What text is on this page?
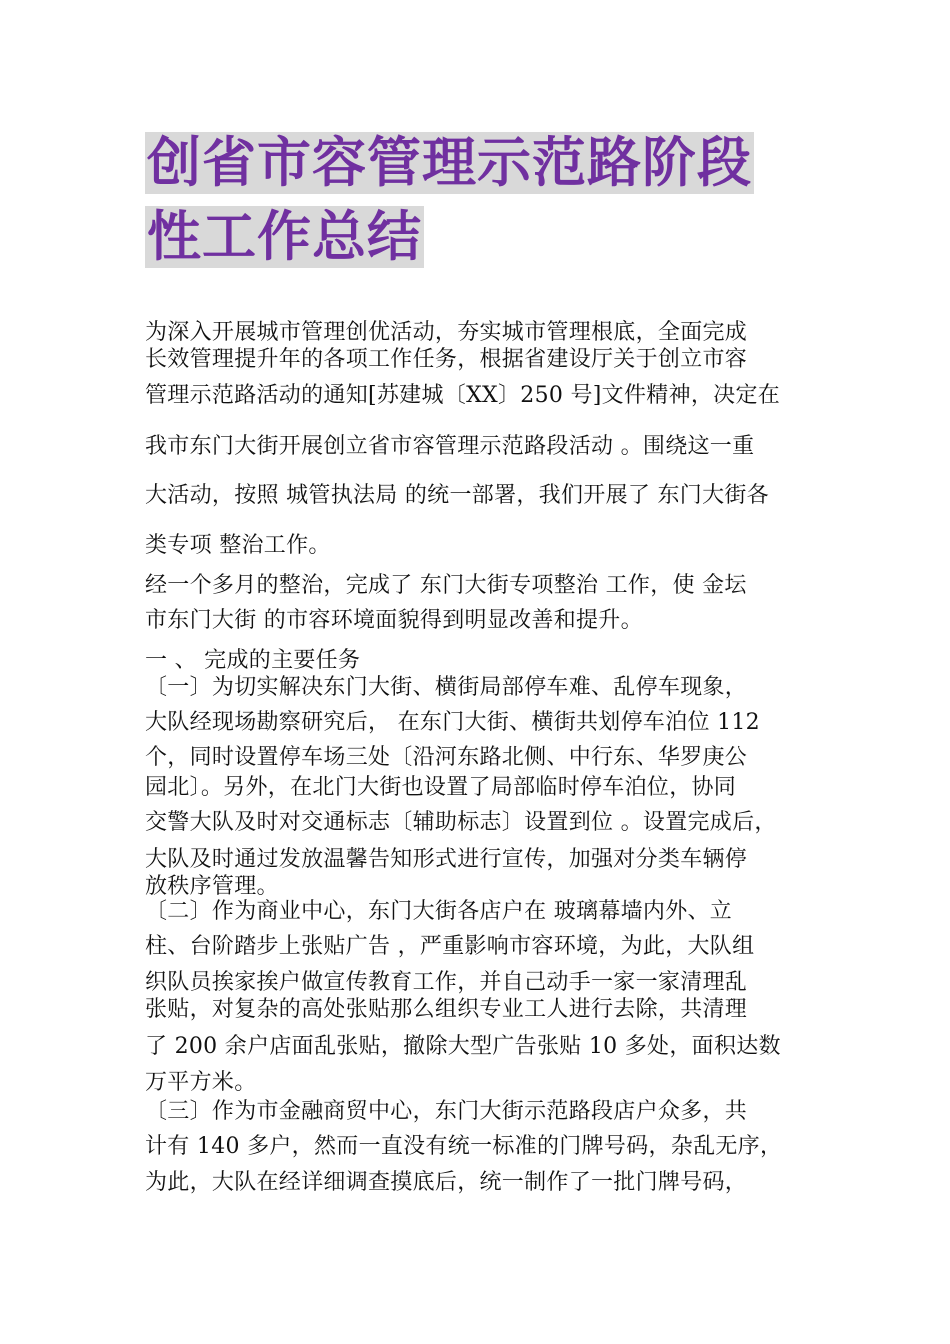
创省市容管理示范路阶段
性工作总结
为深入开展城市管理创优活动，夯实城市管理根底，全面完成
长效管理提升年的各项工作任务，根据省建设厅关于创立市容
管理示范路活动的通知[苏建城〔XX〕250 号]文件精神，决定在
我市东门大街开展创立省市容管理示范路段活动 。围绕这一重
大活动，按照 城管执法局 的统一部署，我们开展了 东门大街各
类专项 整治工作。
经一个多月的整治，完成了 东门大街专项整治 工作，使 金坛
市东门大街 的市容环境面貌得到明显改善和提升。
一 、 完成的主要任务
〔一〕为切实解决东门大街、横街局部停车难、乱停车现象，
大队经现场勘察研究后， 在东门大街、横街共划停车泊位 112
个，同时设置停车场三处〔沿河东路北侧、中行东、华罗庚公
园北〕。另外，在北门大街也设置了局部临时停车泊位，协同
交警大队及时对交通标志〔辅助标志〕设置到位 。设置完成后，
大队及时通过发放温馨告知形式进行宣传，加强对分类车辆停
放秩序管理。
〔二〕作为商业中心，东门大街各店户在 玻璃幕墙内外、立
柱、台阶踏步上张贴广告 ，严重影响市容环境，为此，大队组
织队员挨家挨户做宣传教育工作，并自己动手一家一家清理乱
张贴，对复杂的高处张贴那么组织专业工人进行去除，共清理
了 200 余户店面乱张贴，撤除大型广告张贴 10 多处，面积达数
万平方米。
〔三〕作为市金融商贸中心，东门大街示范路段店户众多，共
计有 140 多户，然而一直没有统一标准的门牌号码，杂乱无序，
为此，大队在经详细调查摸底后，统一制作了一批门牌号码，
